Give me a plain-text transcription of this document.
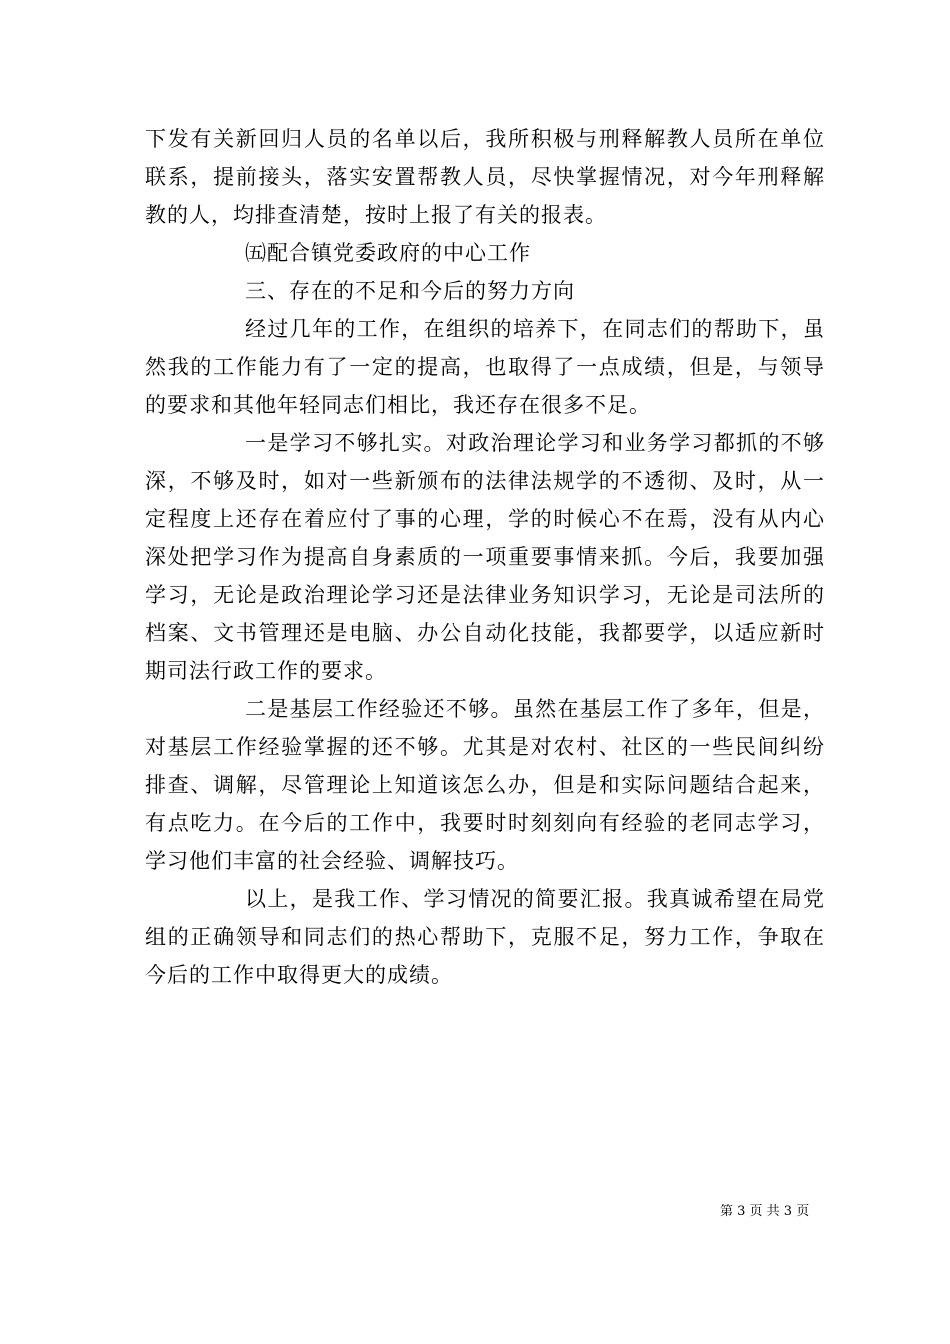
下发有关新回归人员的名单以后，我所积极与刑释解教人员所在单位联系，提前接头，落实安置帮教人员，尽快掌握情况，对今年刑释解教的人，均排查清楚，按时上报了有关的报表。

㈤配合镇党委政府的中心工作

三、存在的不足和今后的努力方向

经过几年的工作，在组织的培养下，在同志们的帮助下，虽然我的工作能力有了一定的提高，也取得了一点成绩，但是，与领导的要求和其他年轻同志们相比，我还存在很多不足。

一是学习不够扎实。对政治理论学习和业务学习都抓的不够深，不够及时，如对一些新颁布的法律法规学的不透彻、及时，从一定程度上还存在着应付了事的心理，学的时候心不在焉，没有从内心深处把学习作为提高自身素质的一项重要事情来抓。今后，我要加强学习，无论是政治理论学习还是法律业务知识学习，无论是司法所的档案、文书管理还是电脑、办公自动化技能，我都要学，以适应新时期司法行政工作的要求。

二是基层工作经验还不够。虽然在基层工作了多年，但是，对基层工作经验掌握的还不够。尤其是对农村、社区的一些民间纠纷排查、调解，尽管理论上知道该怎么办，但是和实际问题结合起来，有点吃力。在今后的工作中，我要时时刻刻向有经验的老同志学习，学习他们丰富的社会经验、调解技巧。

以上，是我工作、学习情况的简要汇报。我真诚希望在局党组的正确领导和同志们的热心帮助下，克服不足，努力工作，争取在今后的工作中取得更大的成绩。

第 3 页 共 3 页
